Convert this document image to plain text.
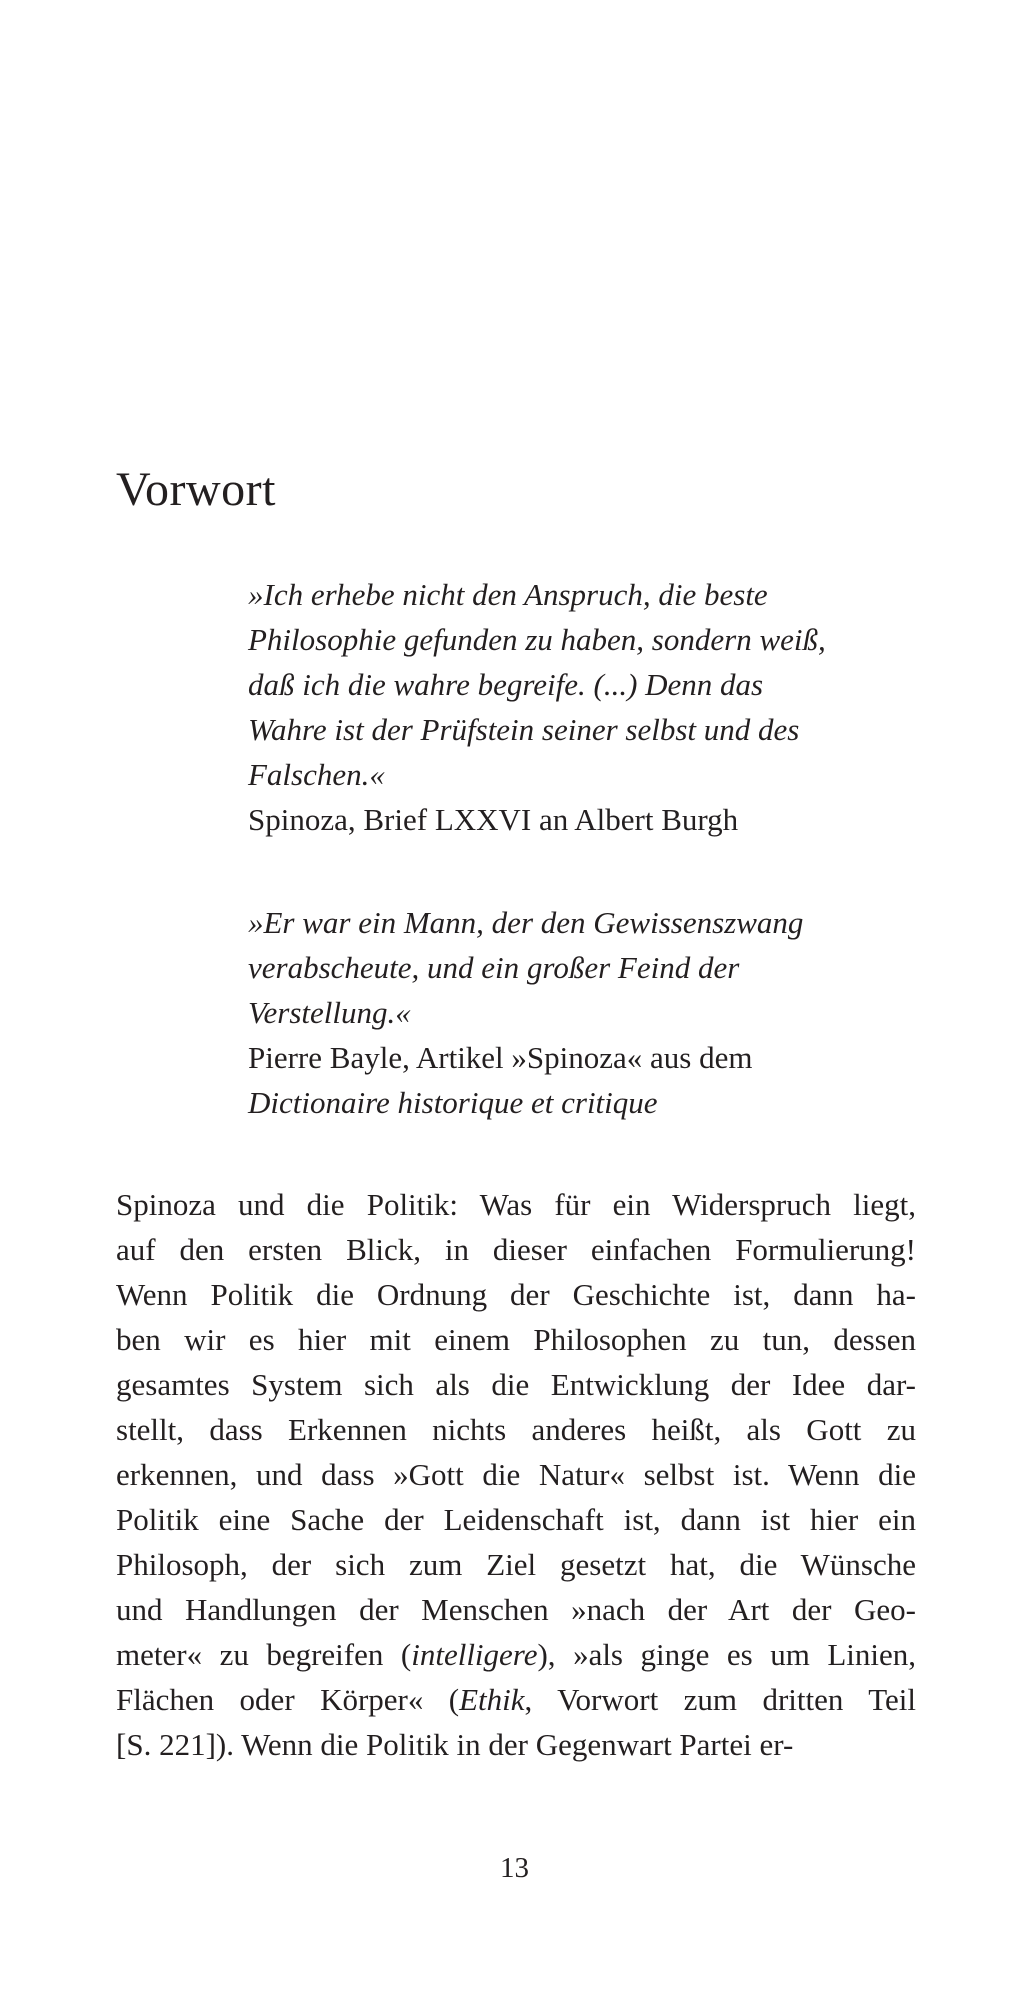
Vorwort
»Ich erhebe nicht den Anspruch, die beste
Philosophie gefunden zu haben, sondern weiß,
daß ich die wahre begreife. (...) Denn das
Wahre ist der Prüfstein seiner selbst und des
Falschen.«
Spinoza, Brief LXXVI an Albert Burgh
»Er war ein Mann, der den Gewissenszwang
verabscheute, und ein großer Feind der
Verstellung.«
Pierre Bayle, Artikel »Spinoza« aus dem
Dictionaire historique et critique
Spinoza und die Politik: Was für ein Widerspruch liegt,
auf den ersten Blick, in dieser einfachen Formulierung!
Wenn Politik die Ordnung der Geschichte ist, dann ha-
ben wir es hier mit einem Philosophen zu tun, dessen
gesamtes System sich als die Entwicklung der Idee dar-
stellt, dass Erkennen nichts anderes heißt, als Gott zu
erkennen, und dass »Gott die Natur« selbst ist. Wenn die
Politik eine Sache der Leidenschaft ist, dann ist hier ein
Philosoph, der sich zum Ziel gesetzt hat, die Wünsche
und Handlungen der Menschen »nach der Art der Geo-
meter« zu begreifen (intelligere), »als ginge es um Linien,
Flächen oder Körper« (Ethik, Vorwort zum dritten Teil
[S. 221]). Wenn die Politik in der Gegenwart Partei er-
13
